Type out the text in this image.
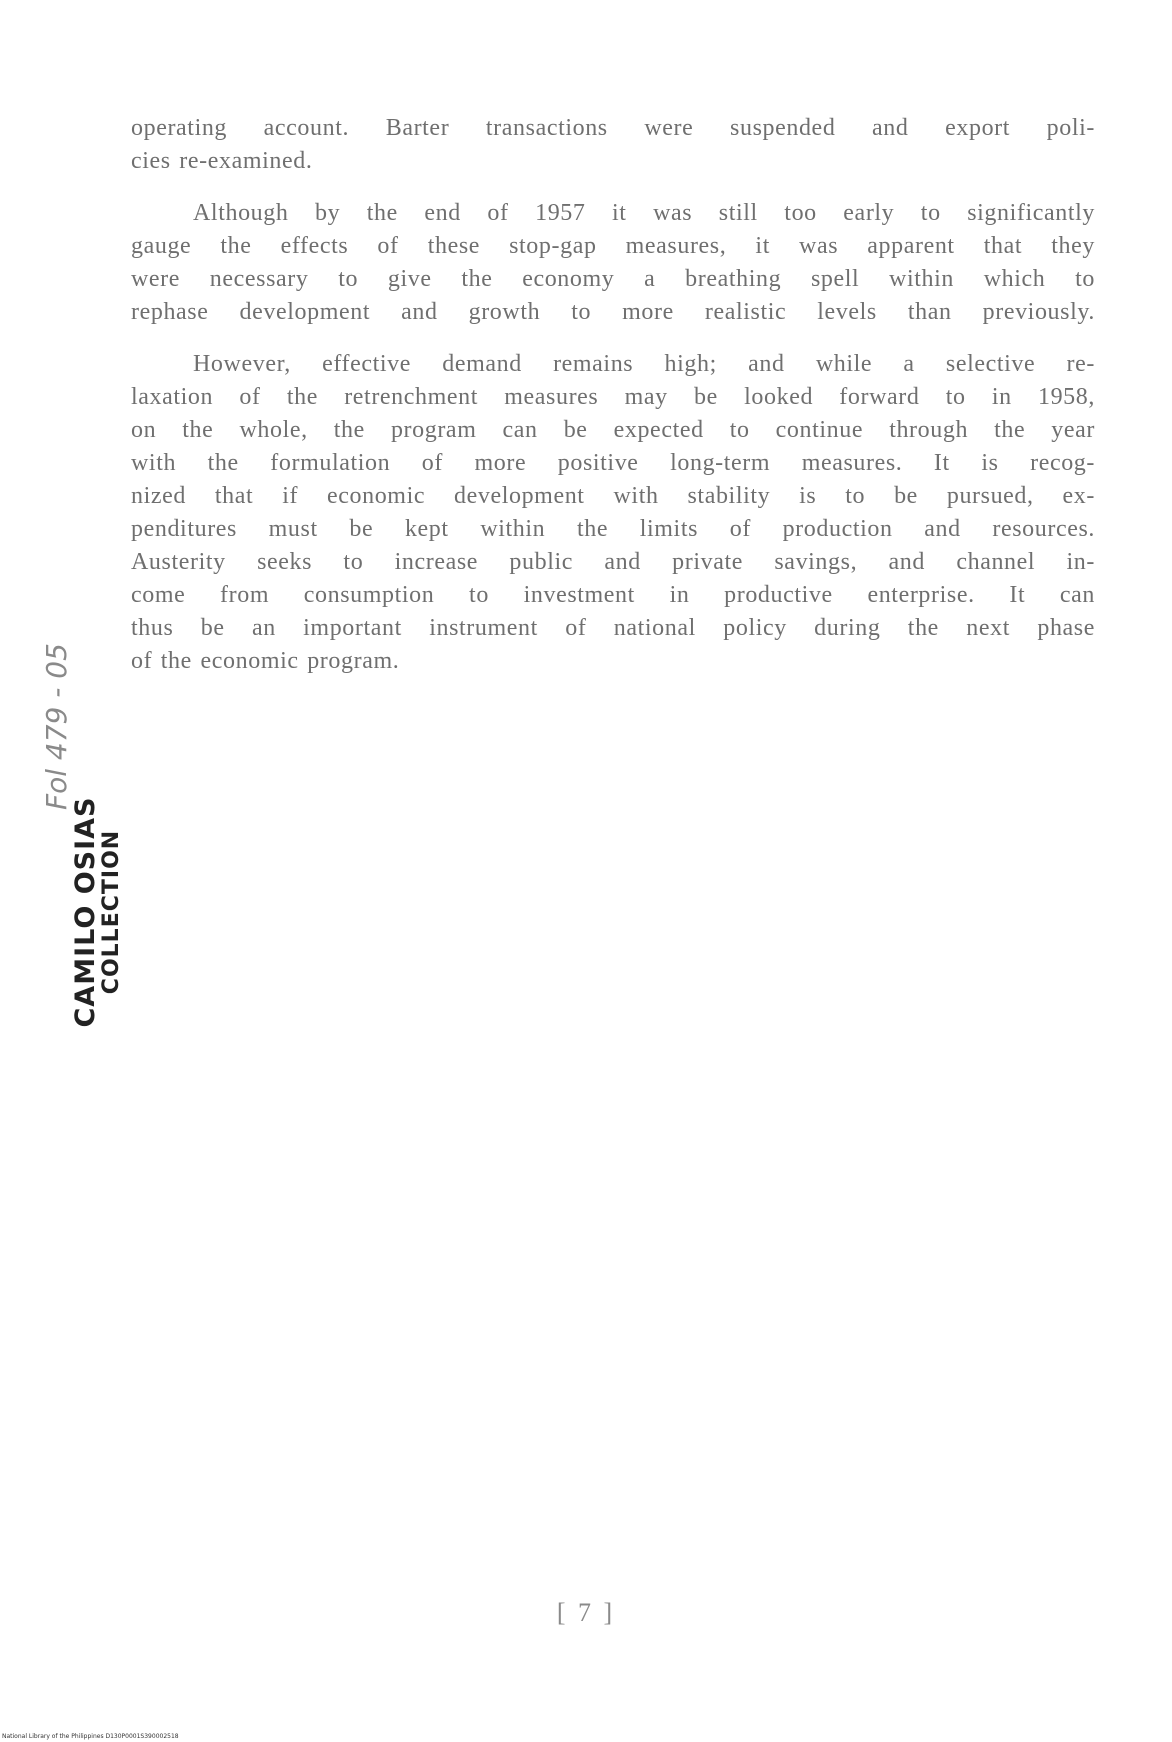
operating account. Barter transactions were suspended and export poli-
cies re-examined.

Although by the end of 1957 it was still too early to significantly
gauge the effects of these stop-gap measures, it was apparent that they
were necessary to give the economy a breathing spell within which to
rephase development and growth to more realistic levels than previously.

However, effective demand remains high; and while a selective re-
laxation of the retrenchment measures may be looked forward to in 1958,
on the whole, the program can be expected to continue through the year
with the formulation of more positive long-term measures. It is recog-
nized that if economic development with stability is to be pursued, ex-
penditures must be kept within the limits of production and resources.
Austerity seeks to increase public and private savings, and channel in-
come from consumption to investment in productive enterprise. It can
thus be an important instrument of national policy during the next phase
of the economic program.

Fol 479 - 05
CAMILO OSIAS
COLLECTION
[ 7 ]
National Library of the Philippines D130P0001S390002518
